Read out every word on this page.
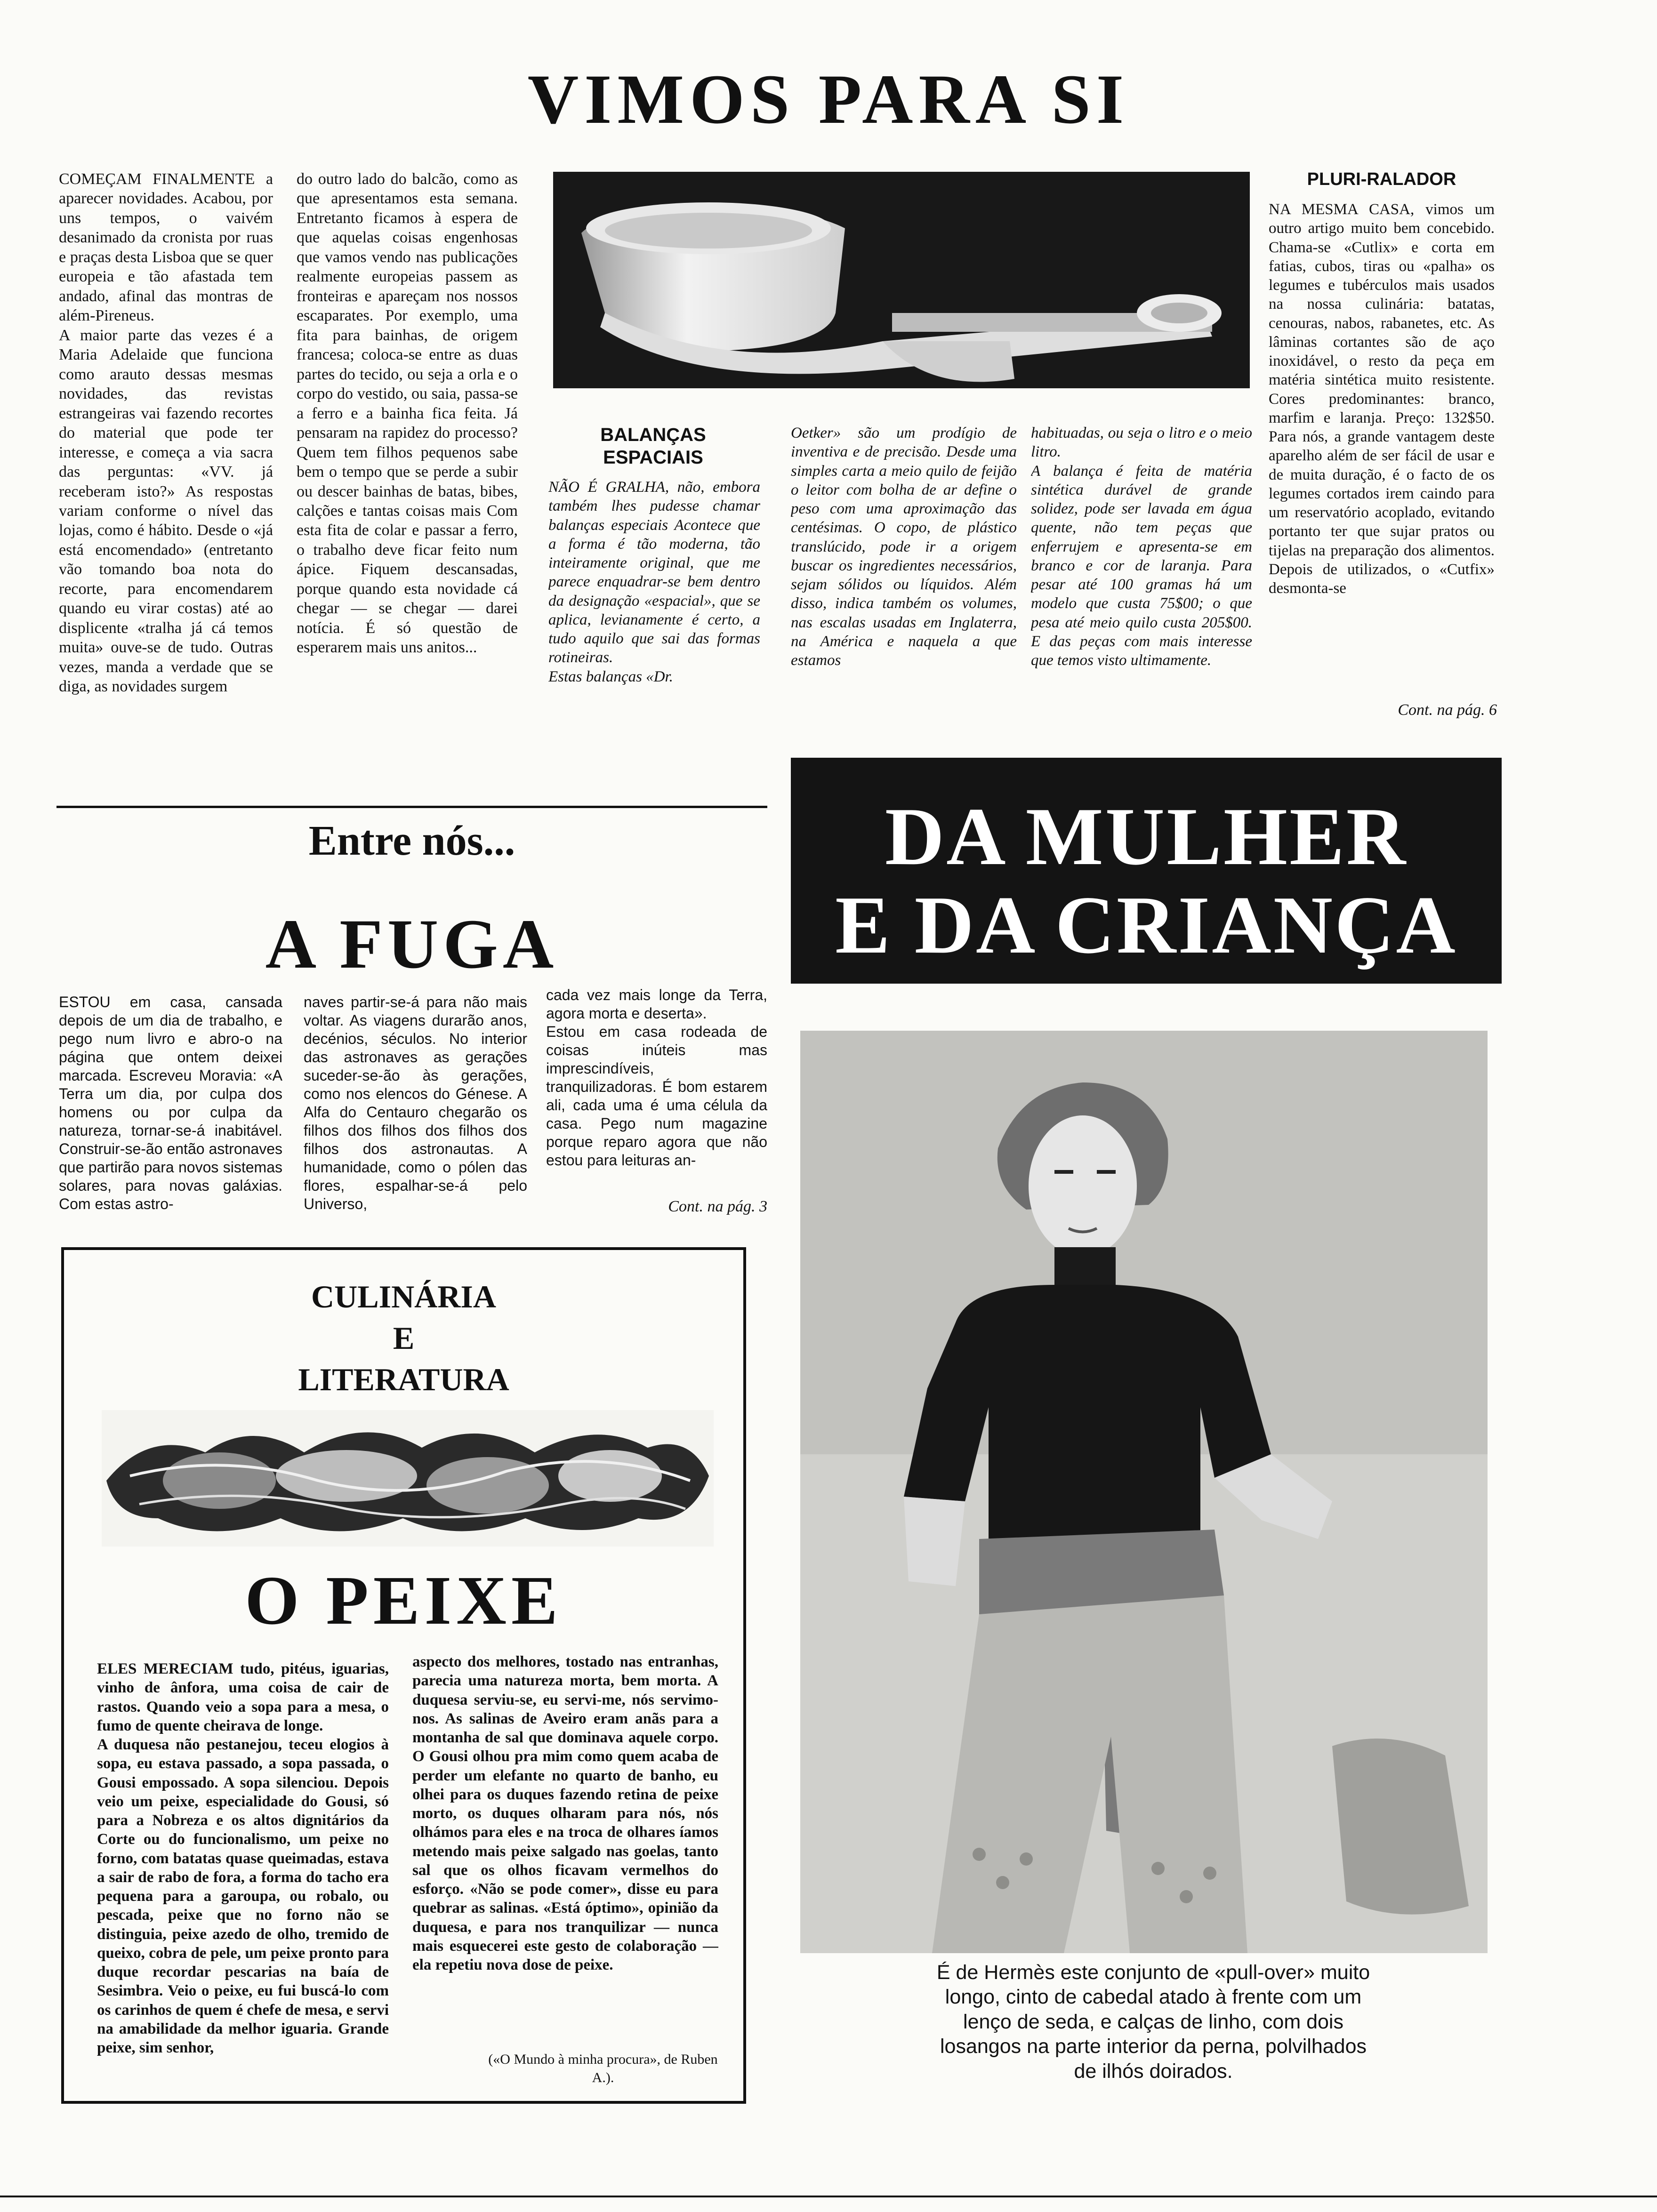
VIMOS PARA SI
COMEÇAM FINALMENTE a aparecer novidades. Acabou, por uns tempos, o vaivém desanimado da cronista por ruas e praças desta Lisboa que se quer europeia e tão afastada tem andado, afinal das montras de além-Pireneus.
A maior parte das vezes é a Maria Adelaide que funciona como arauto dessas mesmas novidades, das revistas estrangeiras vai fazendo recortes do material que pode ter interesse, e começa a via sacra das perguntas: «VV. já receberam isto?» As respostas variam conforme o nível das lojas, como é hábito. Desde o «já está encomendado» (entretanto vão tomando boa nota do recorte, para encomendarem quando eu virar costas) até ao displicente «tralha já cá temos muita» ouve-se de tudo. Outras vezes, manda a verdade que se diga, as novidades surgem
do outro lado do balcão, como as que apresentamos esta semana. Entretanto ficamos à espera de que aquelas coisas engenhosas que vamos vendo nas publicações realmente europeias passem as fronteiras e apareçam nos nossos escaparates. Por exemplo, uma fita para bainhas, de origem francesa; coloca-se entre as duas partes do tecido, ou seja a orla e o corpo do vestido, ou saia, passa-se a ferro e a bainha fica feita. Já pensaram na rapidez do processo? Quem tem filhos pequenos sabe bem o tempo que se perde a subir ou descer bainhas de batas, bibes, calções e tantas coisas mais Com esta fita de colar e passar a ferro, o trabalho deve ficar feito num ápice. Fiquem descansadas, porque quando esta novidade cá chegar — se chegar — darei notícia. É só questão de esperarem mais uns anitos...
BALANÇAS ESPACIAIS
NÃO É GRALHA, não, embora também lhes pudesse chamar balanças especiais Acontece que a forma é tão moderna, tão inteiramente original, que me parece enquadrar-se bem dentro da designação «espacial», que se aplica, levianamente é certo, a tudo aquilo que sai das formas rotineiras.
Estas balanças «Dr.
Oetker» são um prodígio de inventiva e de precisão. Desde uma simples carta a meio quilo de feijão o leitor com bolha de ar define o peso com uma aproximação das centésimas. O copo, de plástico translúcido, pode ir a origem buscar os ingredientes necessários, sejam sólidos ou líquidos. Além disso, indica também os volumes, nas escalas usadas em Inglaterra, na América e naquela a que estamos
habituadas, ou seja o litro e o meio litro.
A balança é feita de matéria sintética durável de grande solidez, pode ser lavada em água quente, não tem peças que enferrujem e apresenta-se em branco e cor de laranja. Para pesar até 100 gramas há um modelo que custa 75$00; o que pesa até meio quilo custa 205$00. E das peças com mais interesse que temos visto ultimamente.
PLURI-RALADOR
NA MESMA CASA, vimos um outro artigo muito bem concebido. Chama-se «Cutlix» e corta em fatias, cubos, tiras ou «palha» os legumes e tubérculos mais usados na nossa culinária: batatas, cenouras, nabos, rabanetes, etc. As lâminas cortantes são de aço inoxidável, o resto da peça em matéria sintética muito resistente. Cores predominantes: branco, marfim e laranja. Preço: 132$50. Para nós, a grande vantagem deste aparelho além de ser fácil de usar e de muita duração, é o facto de os legumes cortados irem caindo para um reservatório acoplado, evitando portanto ter que sujar pratos ou tijelas na preparação dos alimentos. Depois de utilizados, o «Cutfix» desmonta-se
Cont. na pág. 6
DA MULHER
E DA CRIANÇA
Entre nós...
A FUGA
ESTOU em casa, cansada depois de um dia de trabalho, e pego num livro e abro-o na página que ontem deixei marcada. Escreveu Moravia: «A Terra um dia, por culpa dos homens ou por culpa da natureza, tornar-se-á inabitável. Construir-se-ão então astronaves que partirão para novos sistemas solares, para novas galáxias. Com estas astro-
naves partir-se-á para não mais voltar. As viagens durarão anos, decénios, séculos. No interior das astronaves as gerações suceder-se-ão às gerações, como nos elencos do Génese. A Alfa do Centauro chegarão os filhos dos filhos dos filhos dos filhos dos astronautas. A humanidade, como o pólen das flores, espalhar-se-á pelo Universo,
cada vez mais longe da Terra, agora morta e deserta».
Estou em casa rodeada de coisas inúteis mas imprescindíveis, tranquilizadoras. É bom estarem ali, cada uma é uma célula da casa. Pego num magazine porque reparo agora que não estou para leituras an-
Cont. na pág. 3
CULINÁRIA
E
LITERATURA
O PEIXE
ELES MERECIAM tudo, pitéus, iguarias, vinho de ânfora, uma coisa de cair de rastos. Quando veio a sopa para a mesa, o fumo de quente cheirava de longe.
A duquesa não pestanejou, teceu elogios à sopa, eu estava passado, a sopa passada, o Gousi empossado. A sopa silenciou. Depois veio um peixe, especialidade do Gousi, só para a Nobreza e os altos dignitários da Corte ou do funcionalismo, um peixe no forno, com batatas quase queimadas, estava a sair de rabo de fora, a forma do tacho era pequena para a garoupa, ou robalo, ou pescada, peixe que no forno não se distinguia, peixe azedo de olho, tremido de queixo, cobra de pele, um peixe pronto para duque recordar pescarias na baía de Sesimbra. Veio o peixe, eu fui buscá-lo com os carinhos de quem é chefe de mesa, e servi na amabilidade da melhor iguaria. Grande peixe, sim senhor,
aspecto dos melhores, tostado nas entranhas, parecia uma natureza morta, bem morta. A duquesa serviu-se, eu servi-me, nós servimo-nos. As salinas de Aveiro eram anãs para a montanha de sal que dominava aquele corpo. O Gousi olhou pra mim como quem acaba de perder um elefante no quarto de banho, eu olhei para os duques fazendo retina de peixe morto, os duques olharam para nós, nós olhámos para eles e na troca de olhares íamos metendo mais peixe salgado nas goelas, tanto sal que os olhos ficavam vermelhos do esforço. «Não se pode comer», disse eu para quebrar as salinas. «Está óptimo», opinião da duquesa, e para nos tranquilizar — nunca mais esquecerei este gesto de colaboração — ela repetiu nova dose de peixe.
(«O Mundo à minha procura», de Ruben A.).
É de Hermès este conjunto de «pull-over» muito longo, cinto de cabedal atado à frente com um lenço de seda, e calças de linho, com dois losangos na parte interior da perna, polvilhados de ilhós doirados.
